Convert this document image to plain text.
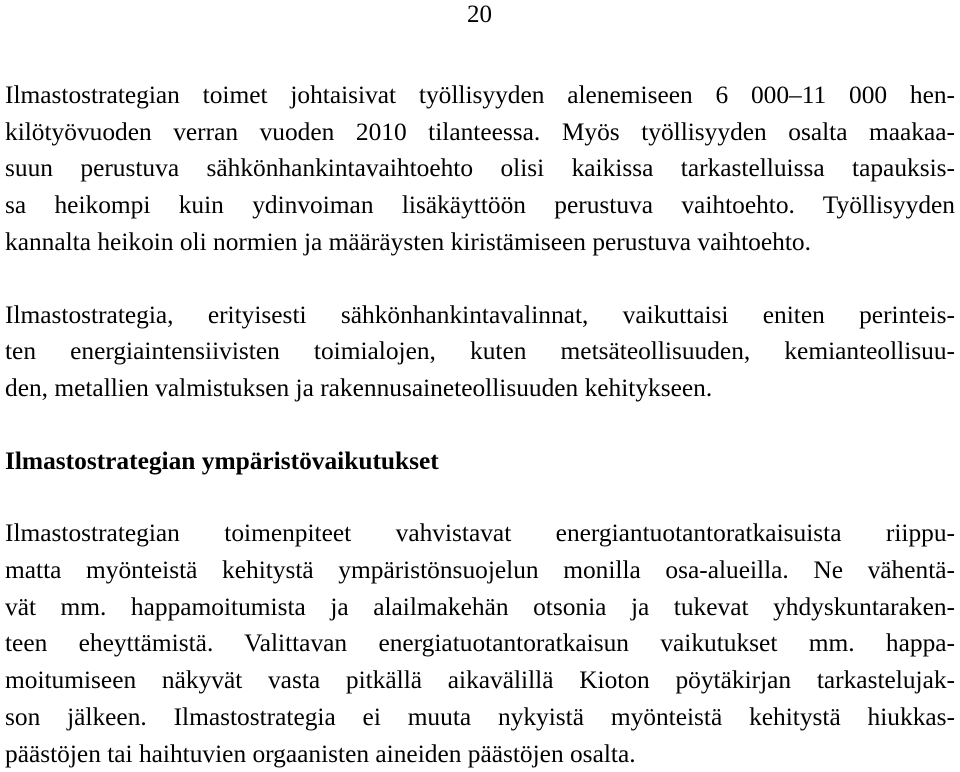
20

Ilmastostrategian toimet johtaisivat työllisyyden alenemiseen 6 000–11 000 hen-
kilötyövuoden verran vuoden 2010 tilanteessa. Myös työllisyyden osalta maakaa-
suun perustuva sähkönhankintavaihtoehto olisi kaikissa tarkastelluissa tapauksis-
sa heikompi kuin ydinvoiman lisäkäyttöön perustuva vaihtoehto. Työllisyyden
kannalta heikoin oli normien ja määräysten kiristämiseen perustuva vaihtoehto.

Ilmastostrategia, erityisesti sähkönhankintavalinnat, vaikuttaisi eniten perinteis-
ten energiaintensiivisten toimialojen, kuten metsäteollisuuden, kemianteollisuu-
den, metallien valmistuksen ja rakennusaineteollisuuden kehitykseen.

Ilmastostrategian ympäristövaikutukset

Ilmastostrategian toimenpiteet vahvistavat energiantuotantoratkaisuista riippu-
matta myönteistä kehitystä ympäristönsuojelun monilla osa-alueilla. Ne vähentä-
vät mm. happamoitumista ja alailmakehän otsonia ja tukevat yhdyskuntaraken-
teen eheyttämistä. Valittavan energiatuotantoratkaisun vaikutukset mm. happa-
moitumiseen näkyvät vasta pitkällä aikavälillä Kioton pöytäkirjan tarkastelujak-
son jälkeen. Ilmastostrategia ei muuta nykyistä myönteistä kehitystä hiukkas-
päästöjen tai haihtuvien orgaanisten aineiden päästöjen osalta.
